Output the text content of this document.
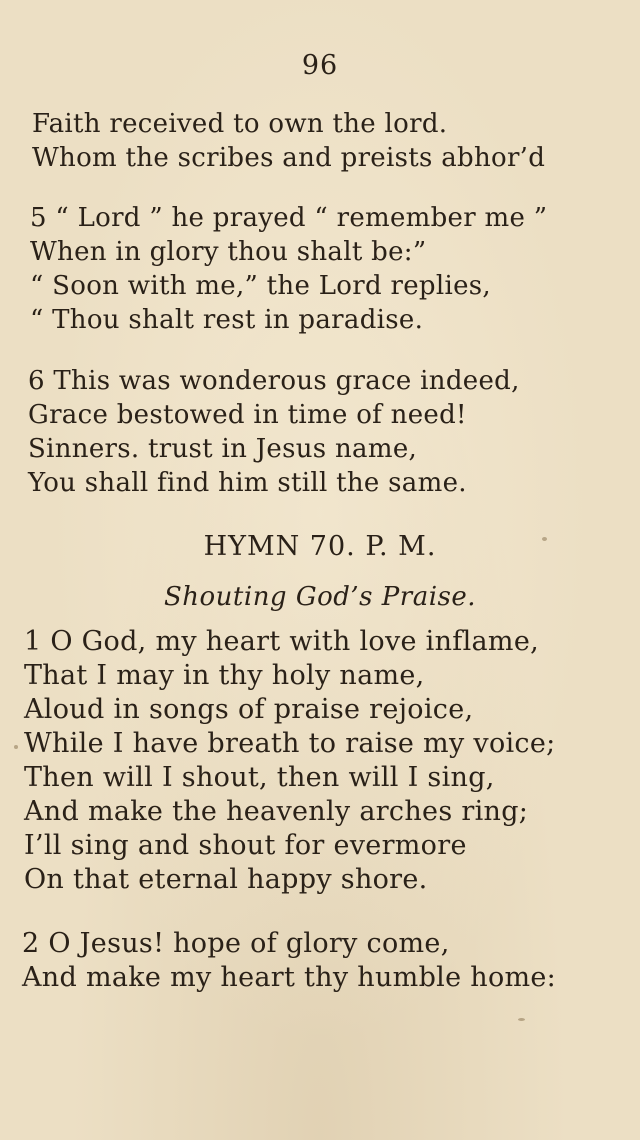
96
Faith received to own the lord.
Whom the scribes and preists abhor’d
5 “ Lord ” he prayed “ remember me ”
When in glory thou shalt be:”
“ Soon with me,” the Lord replies,
“ Thou shalt rest in paradise.
6 This was wonderous grace indeed,
Grace bestowed in time of need!
Sinners. trust in Jesus name,
You shall find him still the same.
HYMN 70. P. M.
Shouting God’s Praise.
1 O God, my heart with love inflame,
That I may in thy holy name,
Aloud in songs of praise rejoice,
While I have breath to raise my voice;
Then will I shout, then will I sing,
And make the heavenly arches ring;
I’ll sing and shout for evermore
On that eternal happy shore.
2 O Jesus! hope of glory come,
And make my heart thy humble home:
